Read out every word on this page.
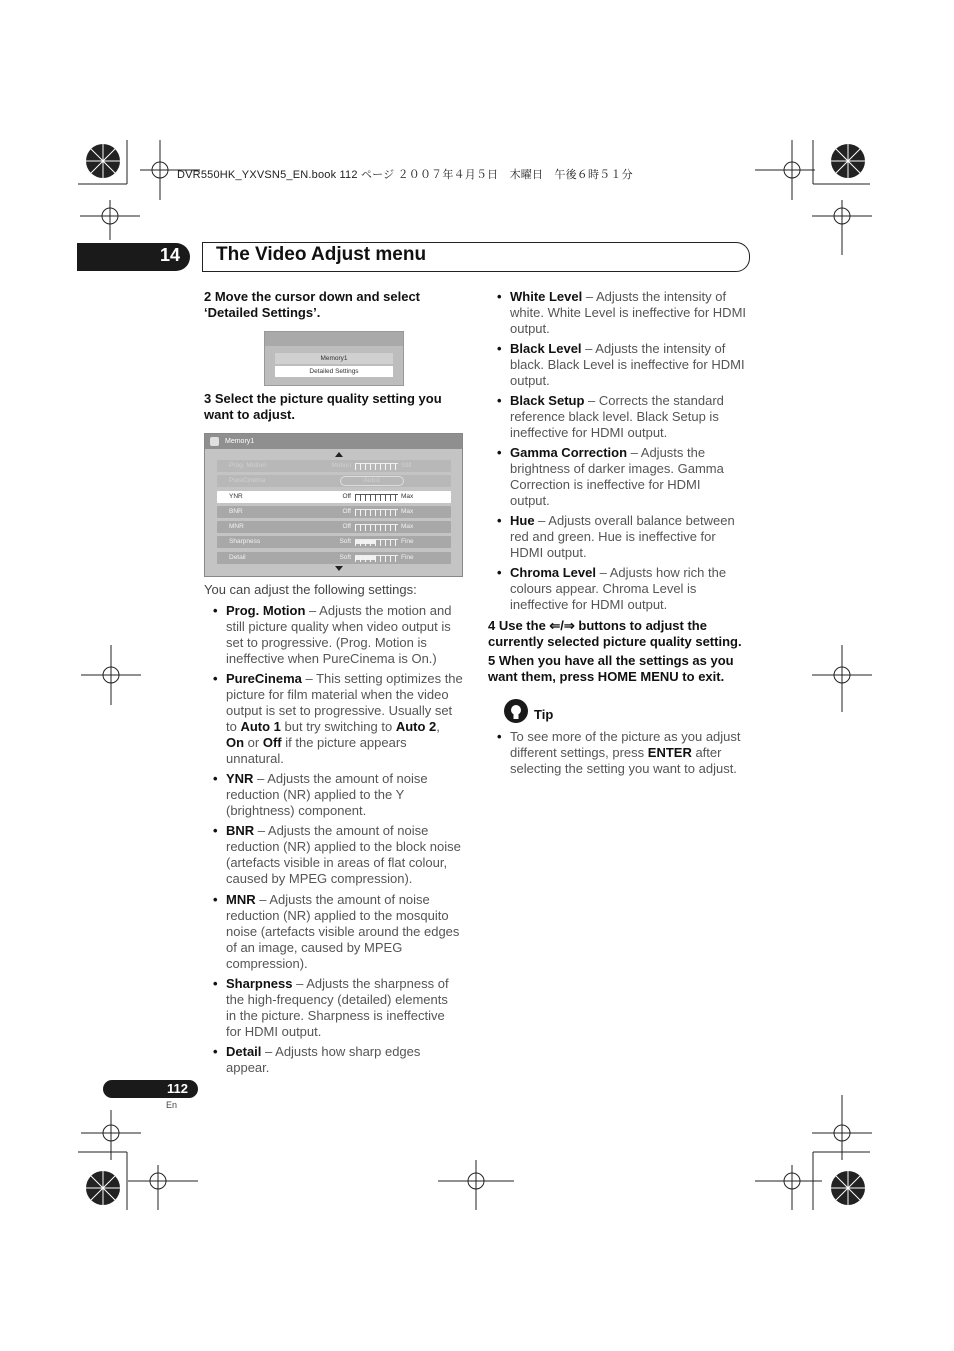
DVR550HK_YXVSN5_EN.book 112 ページ ２００７年４月５日　木曜日　午後６時５１分
14	The Video Adjust menu
2 Move the cursor down and select
‘Detailed Settings’.
Memory1
Detailed Settings
3 Select the picture quality setting you
want to adjust.
Memory1
Prog. Motion	Motion	Still
PureCinema	Auto1
YNR	Off	Max
BNR	Off	Max
MNR	Off	Max
Sharpness	Soft	Fine
Detail	Soft	Fine
You can adjust the following settings:
• Prog. Motion – Adjusts the motion and
still picture quality when video output is
set to progressive. (Prog. Motion is
ineffective when PureCinema is On.)
• PureCinema – This setting optimizes the
picture for film material when the video
output is set to progressive. Usually set
to Auto 1 but try switching to Auto 2,
On or Off if the picture appears
unnatural.
• YNR – Adjusts the amount of noise
reduction (NR) applied to the Y
(brightness) component.
• BNR – Adjusts the amount of noise
reduction (NR) applied to the block noise
(artefacts visible in areas of flat colour,
caused by MPEG compression).
• MNR – Adjusts the amount of noise
reduction (NR) applied to the mosquito
noise (artefacts visible around the edges
of an image, caused by MPEG
compression).
• Sharpness – Adjusts the sharpness of
the high-frequency (detailed) elements
in the picture. Sharpness is ineffective
for HDMI output.
• Detail – Adjusts how sharp edges
appear.
• White Level – Adjusts the intensity of
white. White Level is ineffective for HDMI
output.
• Black Level – Adjusts the intensity of
black. Black Level is ineffective for HDMI
output.
• Black Setup – Corrects the standard
reference black level. Black Setup is
ineffective for HDMI output.
• Gamma Correction – Adjusts the
brightness of darker images. Gamma
Correction is ineffective for HDMI
output.
• Hue – Adjusts overall balance between
red and green. Hue is ineffective for
HDMI output.
• Chroma Level – Adjusts how rich the
colours appear. Chroma Level is
ineffective for HDMI output.
4 Use the ⇐/⇒ buttons to adjust the
currently selected picture quality setting.
5 When you have all the settings as you
want them, press HOME MENU to exit.
Tip
• To see more of the picture as you adjust
different settings, press ENTER after
selecting the setting you want to adjust.
112
En
